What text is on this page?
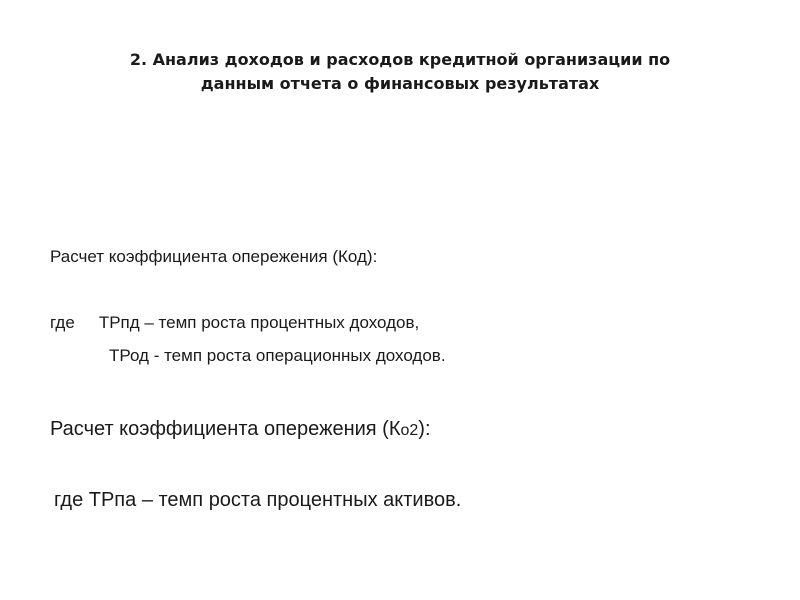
2. Анализ доходов и расходов кредитной организации по
данным отчета о финансовых результатах
Расчет коэффициента опережения (Код):
где ТРпд – темп роста процентных доходов,
ТРод - темп роста операционных доходов.
Расчет коэффициента опережения (Ко2):
где ТРпа – темп роста процентных активов.
